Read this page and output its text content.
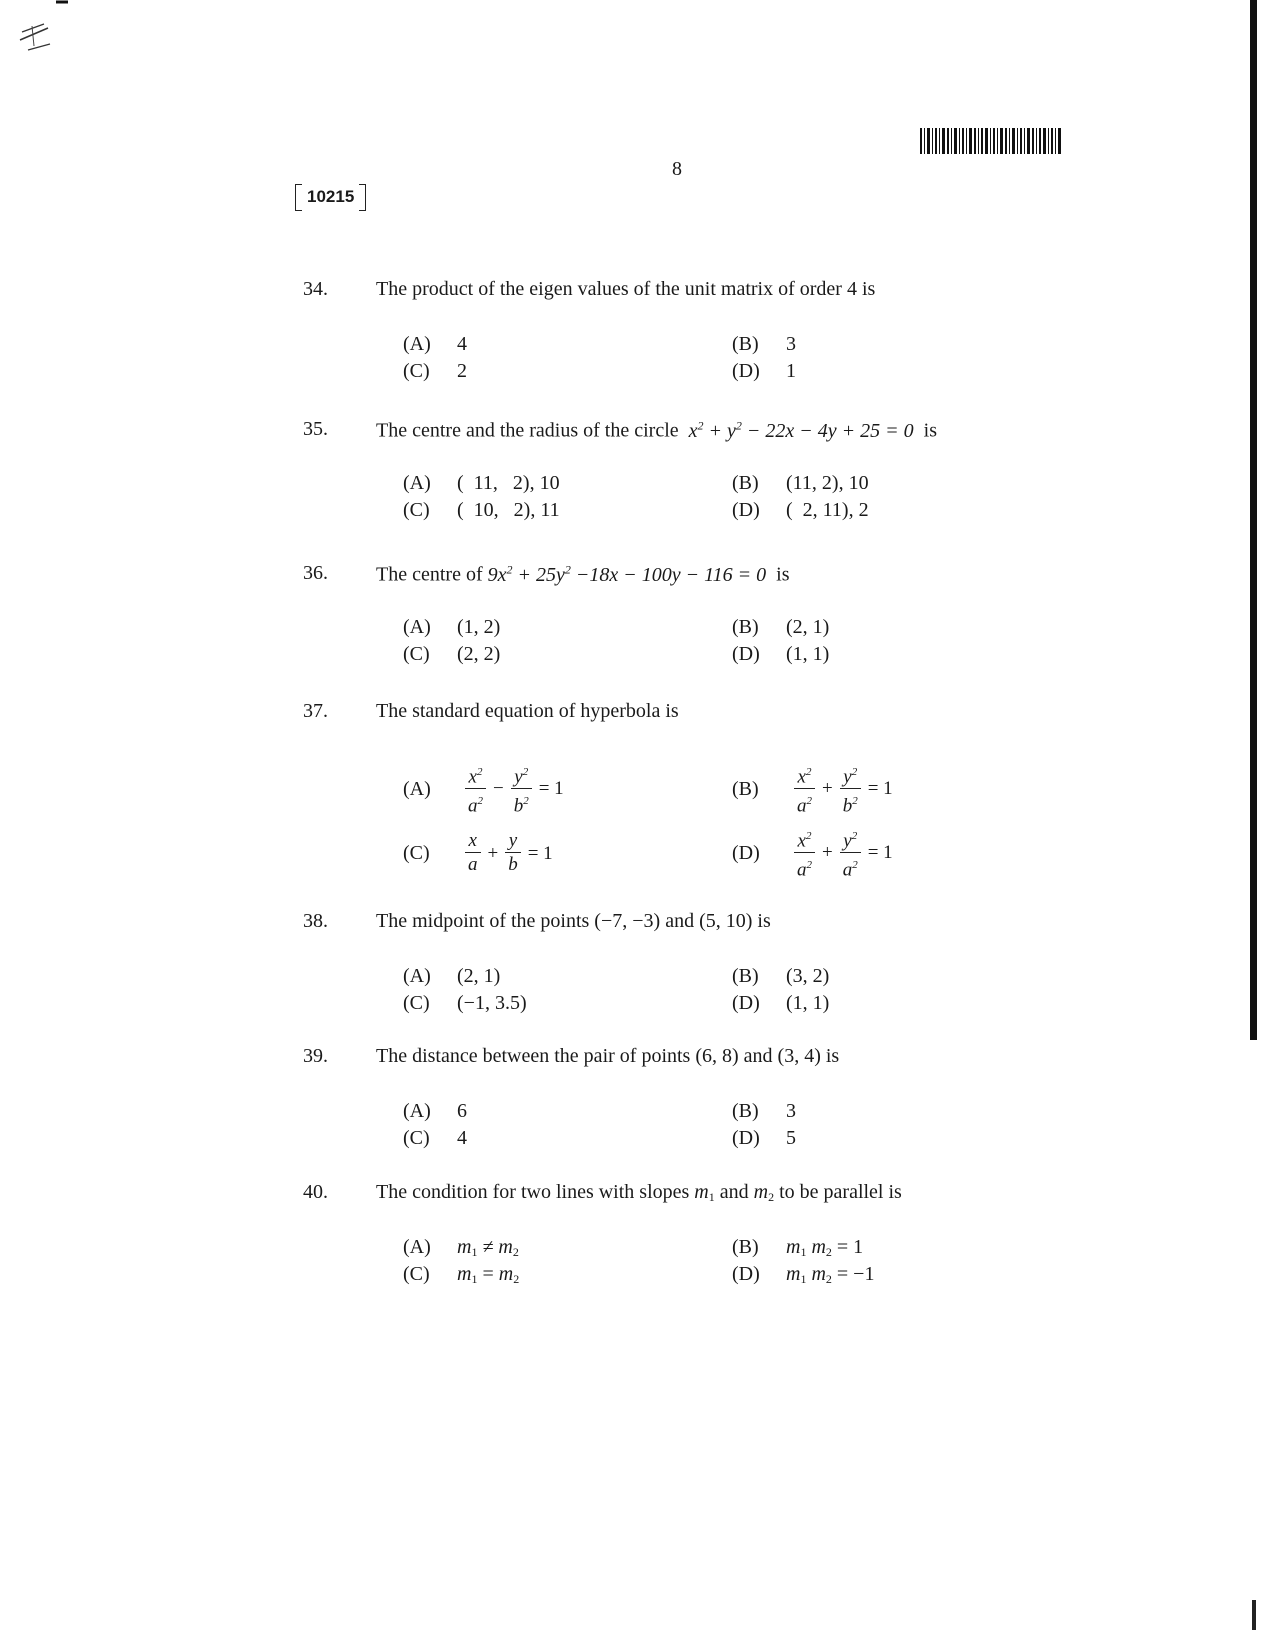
8
10215
34. The product of the eigen values of the unit matrix of order 4 is
(A) 4	(B) 3
(C) 2	(D) 1
35. The centre and the radius of the circle $x^2 + y^2 - 22x - 4y + 25 = 0$ is
(A) (  11,   2), 10	(B) (11, 2), 10
(C) (  10,   2), 11	(D) (  2, 11), 2
36. The centre of $9x^2 + 25y^2 -18x - 100y - 116 = 0$ is
(A) (1, 2)	(B) (2, 1)
(C) (2, 2)	(D) (1, 1)
37. The standard equation of hyperbola is
$(A) \frac{x^2}{a^2} - \frac{y^2}{b^2} = 1$	$(B) \frac{x^2}{a^2} + \frac{y^2}{b^2} = 1$
$(C) \frac{x}{a} + \frac{y}{b} = 1$	$(D) \frac{x^2}{a^2} + \frac{y^2}{a^2} = 1$
38. The midpoint of the points (−7, −3) and (5, 10) is
(A) (2, 1)	(B) (3, 2)
(C) (−1, 3.5)	(D) (1, 1)
39. The distance between the pair of points (6, 8) and (3, 4) is
(A) 6	(B) 3
(C) 4	(D) 5
40. The condition for two lines with slopes $m_1$ and $m_2$ to be parallel is
(A) $m_1 \ne m_2$	(B) $m_1$ $m_2 = 1$
(C) $m_1 = m_2$	(D) $m_1$ $m_2 = -1$
